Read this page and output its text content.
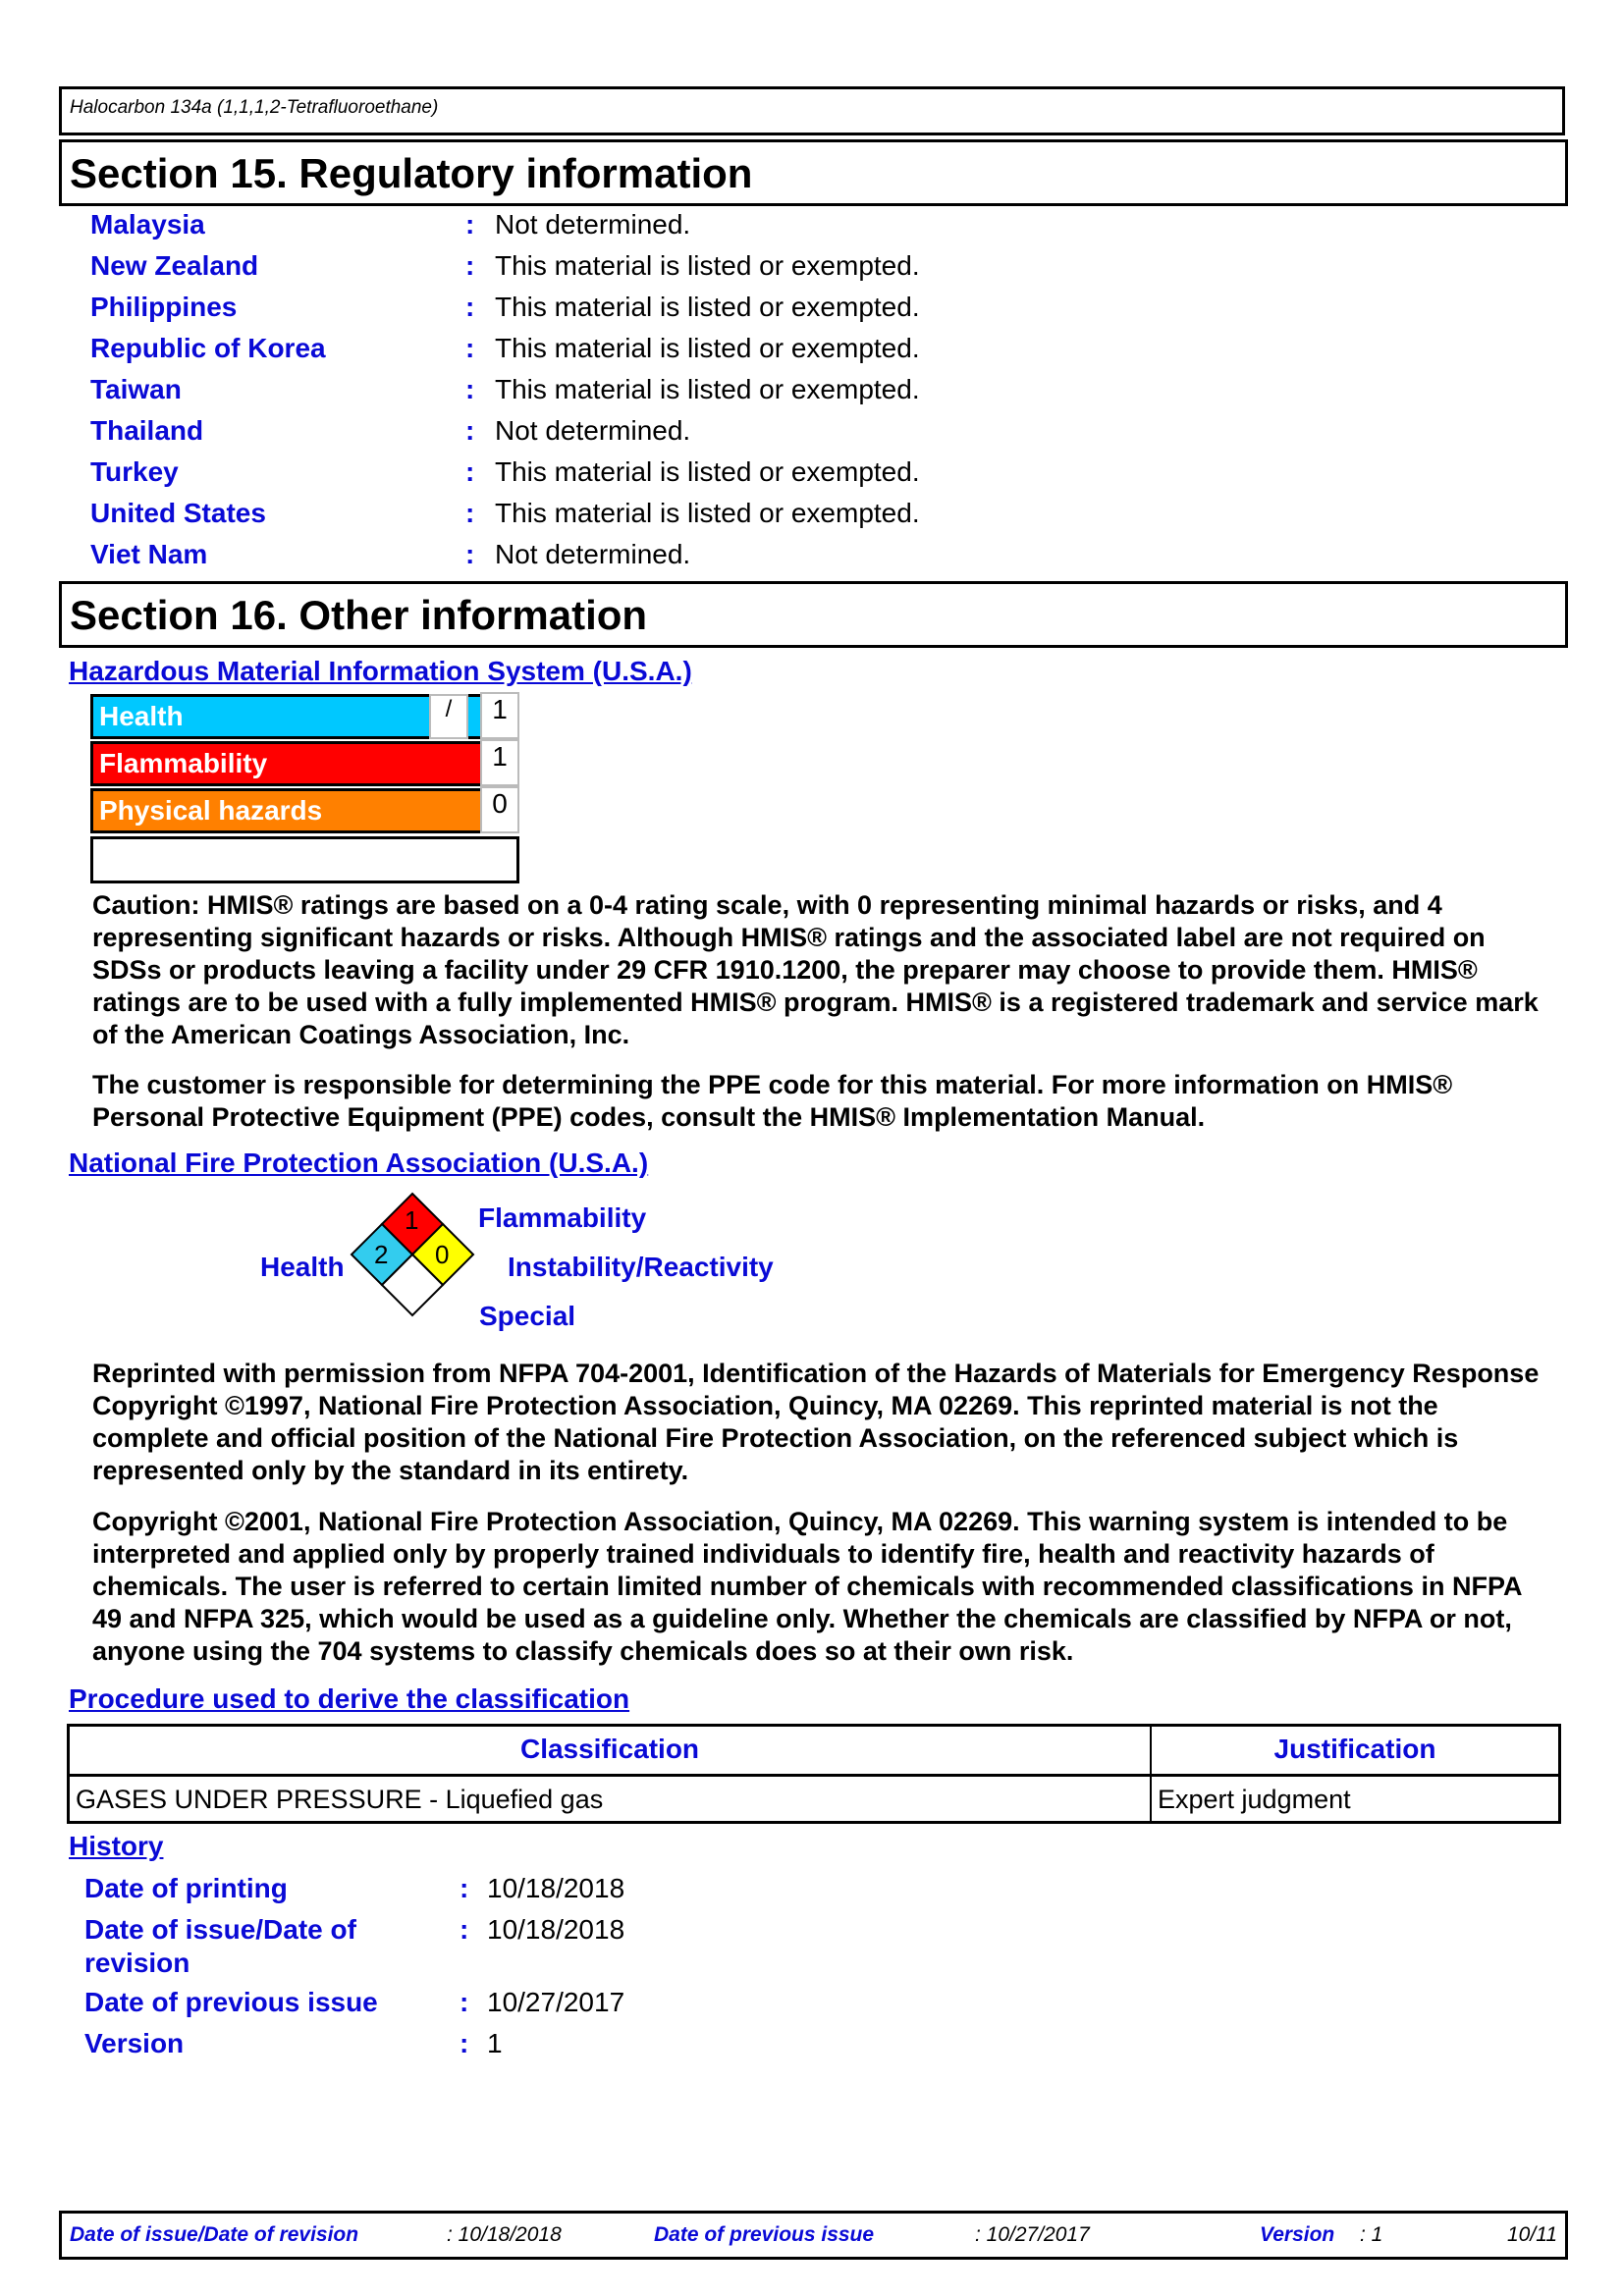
Halocarbon 134a (1,1,1,2-Tetrafluoroethane)
Section 15. Regulatory information
Malaysia	: Not determined.
New Zealand	: This material is listed or exempted.
Philippines	: This material is listed or exempted.
Republic of Korea	: This material is listed or exempted.
Taiwan	: This material is listed or exempted.
Thailand	: Not determined.
Turkey	: This material is listed or exempted.
United States	: This material is listed or exempted.
Viet Nam	: Not determined.
Section 16. Other information
Hazardous Material Information System (U.S.A.)
Health	/	1
Flammability	1
Physical hazards	0
Caution: HMIS® ratings are based on a 0-4 rating scale, with 0 representing minimal hazards or risks, and 4 representing significant hazards or risks. Although HMIS® ratings and the associated label are not required on SDSs or products leaving a facility under 29 CFR 1910.1200, the preparer may choose to provide them. HMIS® ratings are to be used with a fully implemented HMIS® program. HMIS® is a registered trademark and service mark of the American Coatings Association, Inc.
The customer is responsible for determining the PPE code for this material. For more information on HMIS® Personal Protective Equipment (PPE) codes, consult the HMIS® Implementation Manual.
National Fire Protection Association (U.S.A.)
Health
Flammability
Instability/Reactivity
Special
1
2 0
Reprinted with permission from NFPA 704-2001, Identification of the Hazards of Materials for Emergency Response Copyright ©1997, National Fire Protection Association, Quincy, MA 02269. This reprinted material is not the complete and official position of the National Fire Protection Association, on the referenced subject which is represented only by the standard in its entirety.
Copyright ©2001, National Fire Protection Association, Quincy, MA 02269. This warning system is intended to be interpreted and applied only by properly trained individuals to identify fire, health and reactivity hazards of chemicals. The user is referred to certain limited number of chemicals with recommended classifications in NFPA 49 and NFPA 325, which would be used as a guideline only. Whether the chemicals are classified by NFPA or not, anyone using the 704 systems to classify chemicals does so at their own risk.
Procedure used to derive the classification
Classification	Justification
GASES UNDER PRESSURE - Liquefied gas	Expert judgment
History
Date of printing	: 10/18/2018
Date of issue/Date of revision
: 10/18/2018
Date of previous issue	: 10/27/2017
Version	: 1
Date of issue/Date of revision	: 10/18/2018	Date of previous issue	: 10/27/2017	Version : 1	10/11
